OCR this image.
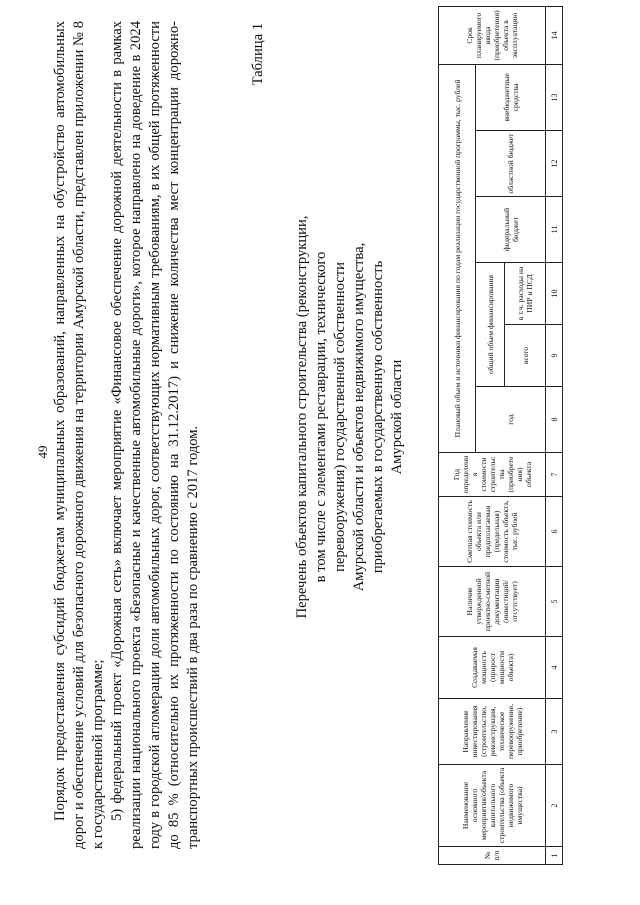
49 Порядок предоставления субсидий бюджетам муниципальных образований, направленных на обустройство автомобильных дорог и обеспечение условий для безопасного дорожного движения на территории Амурской области, представлен приложении № 8 к государственной программе; 5) федеральный проект «Дорожная сеть» включает мероприятие «Финансовое обеспечение дорожной деятельности в рамках реализации национального проекта «Безопасные и качественные автомобильные дороги», которое направлено на доведение в 2024 году в городской агломерации доли автомобильных дорог, соответствующих нормативным требованиям, в их общей протяженности до 85 % (относительно их протяженности по состоянию на 31.12.2017) и снижение количества мест концентрации дорожно-транспортных происшествий в два раза по сравнению с 2017 годом.

Таблица 1
Перечень объектов капитального строительства (реконструкции, в том числе с элементами реставрации, технического перевооружения) государственной собственности Амурской области и объектов недвижимого имущества, приобретаемых в государственную собственность Амурской области
№ п/п	Наименование основного мероприятия/объекта капитального строительства (объекта недвижимого имущества)	Направление инвестирования (строительство, реконструкция, техническое перевооружение, приобретение)	Создаваемая мощность (прирост мощности объекта)	Наличие утвержденной проектно-сметной документации (инвестиций/отсутствует)	Сметная стоимость объекта или предполагаемая (предельная) стоимость объекта, тыс. рублей	Год определения стоимости строительства (приобретения) объекта	Плановый объем и источники финансирования по годам реализации государственной программы, тыс. рублей						Срок планируемого ввода (приобретения) объекта в эксплуатацию
							год	общий объем финансирования		федеральный бюджет	областной бюджет	внебюджетные средства	
								всего	в т.ч. расходы на ПИР и ПСД				
1	2	3	4	5	6	7	8	9	10	11	12	13	14
